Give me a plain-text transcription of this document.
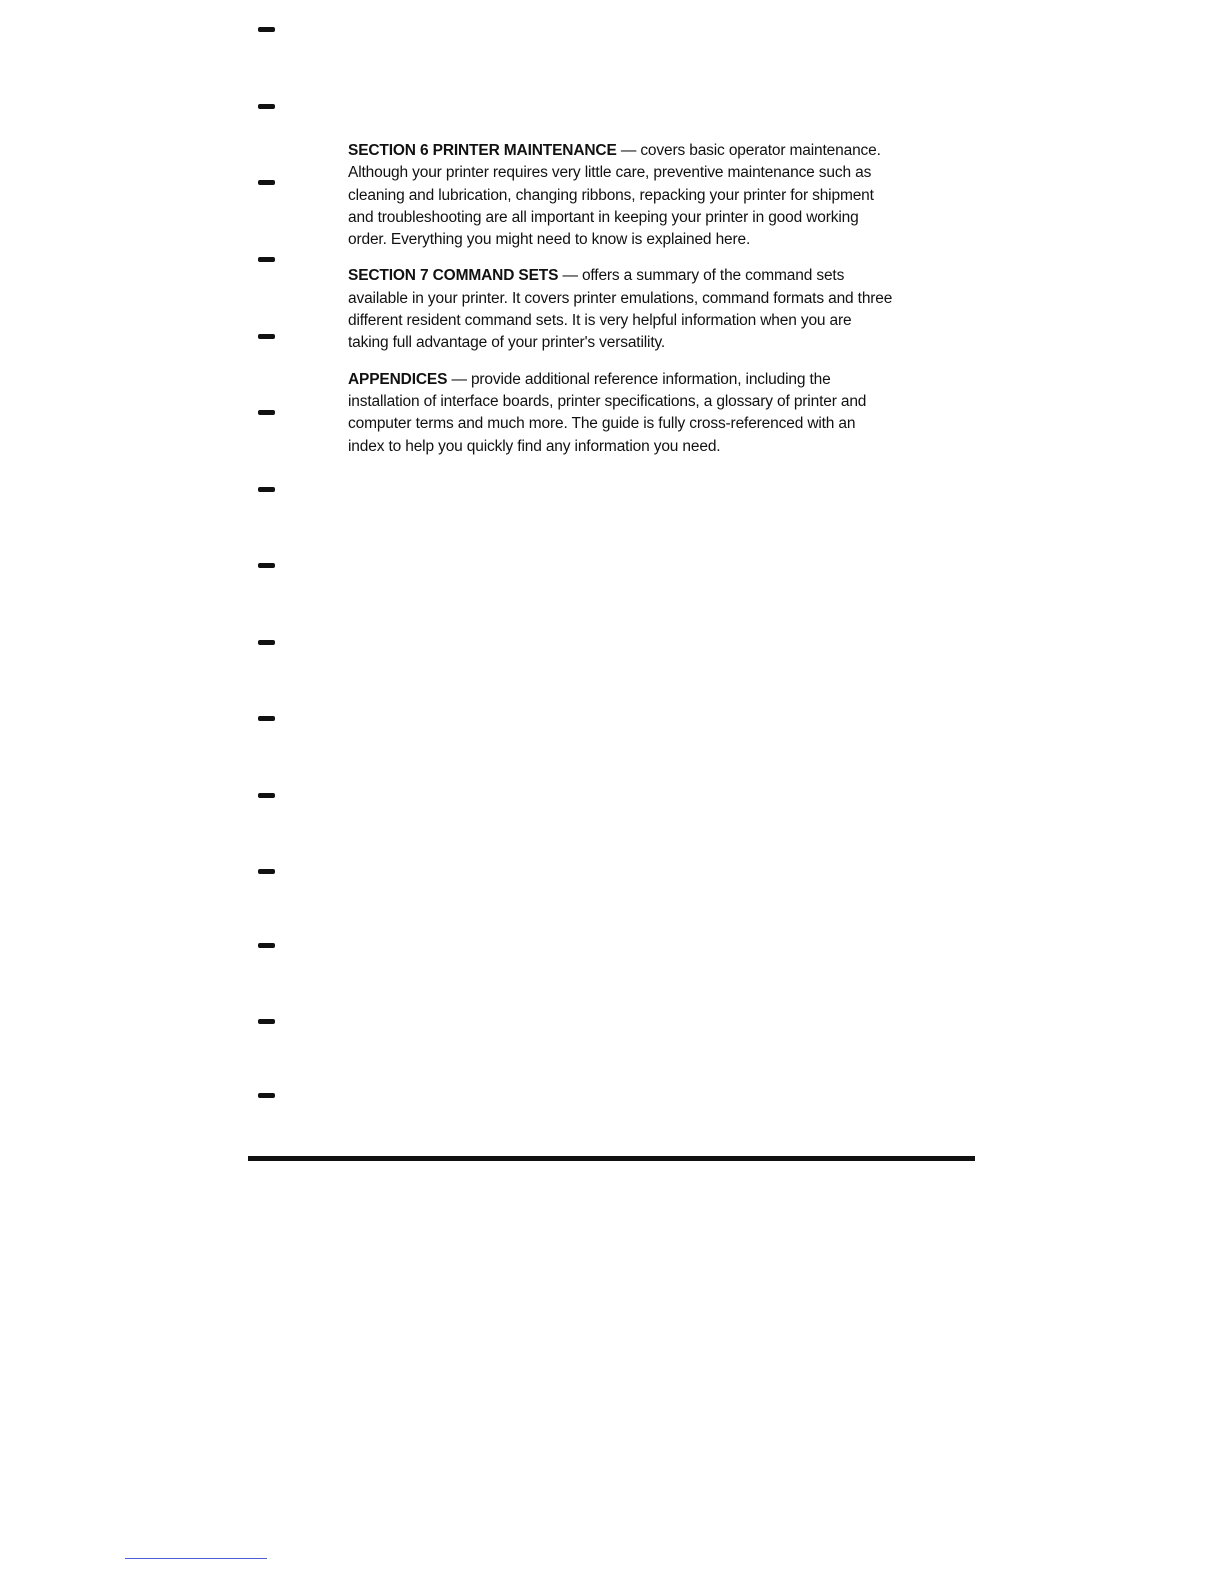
SECTION 6 PRINTER MAINTENANCE — covers basic operator maintenance. Although your printer requires very little care, preventive maintenance such as cleaning and lubrication, changing ribbons, repacking your printer for shipment and troubleshooting are all important in keeping your printer in good working order. Everything you might need to know is explained here.

SECTION 7 COMMAND SETS — offers a summary of the command sets available in your printer. It covers printer emulations, command formats and three different resident command sets. It is very helpful information when you are taking full advantage of your printer's versatility.

APPENDICES — provide additional reference information, including the installation of interface boards, printer specifications, a glossary of printer and computer terms and much more. The guide is fully cross-referenced with an index to help you quickly find any information you need.
